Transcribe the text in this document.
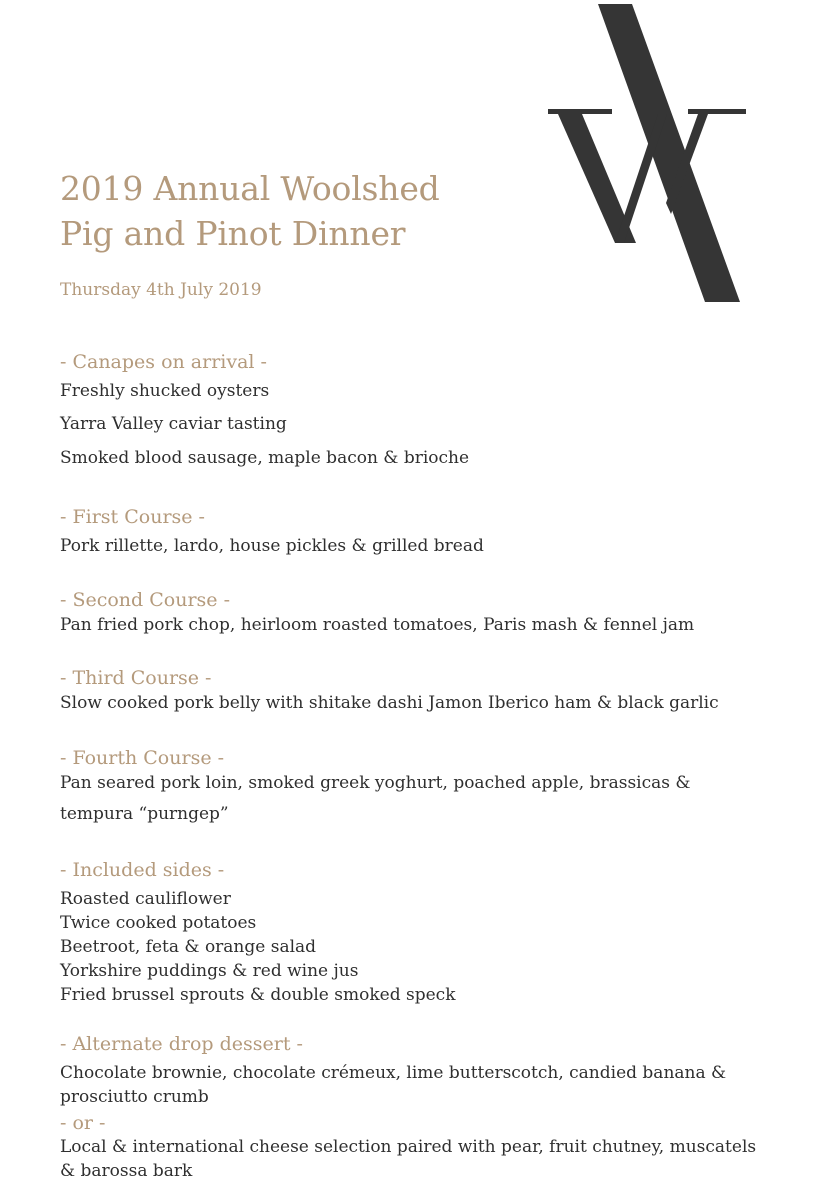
2019 Annual Woolshed
Pig and Pinot Dinner
Thursday 4th July 2019
- Canapes on arrival -
Freshly shucked oysters
Yarra Valley caviar tasting
Smoked blood sausage, maple bacon & brioche
- First Course -
Pork rillette, lardo, house pickles & grilled bread
- Second Course -
Pan fried pork chop, heirloom roasted tomatoes, Paris mash & fennel jam
- Third Course -
Slow cooked pork belly with shitake dashi Jamon Iberico ham & black garlic
- Fourth Course -
Pan seared pork loin, smoked greek yoghurt, poached apple, brassicas &
tempura “purngep”
- Included sides -
Roasted cauliflower
Twice cooked potatoes
Beetroot, feta & orange salad
Yorkshire puddings & red wine jus
Fried brussel sprouts & double smoked speck
- Alternate drop dessert -
Chocolate brownie, chocolate crémeux, lime butterscotch, candied banana &
prosciutto crumb
- or -
Local & international cheese selection paired with pear, fruit chutney, muscatels
& barossa bark
